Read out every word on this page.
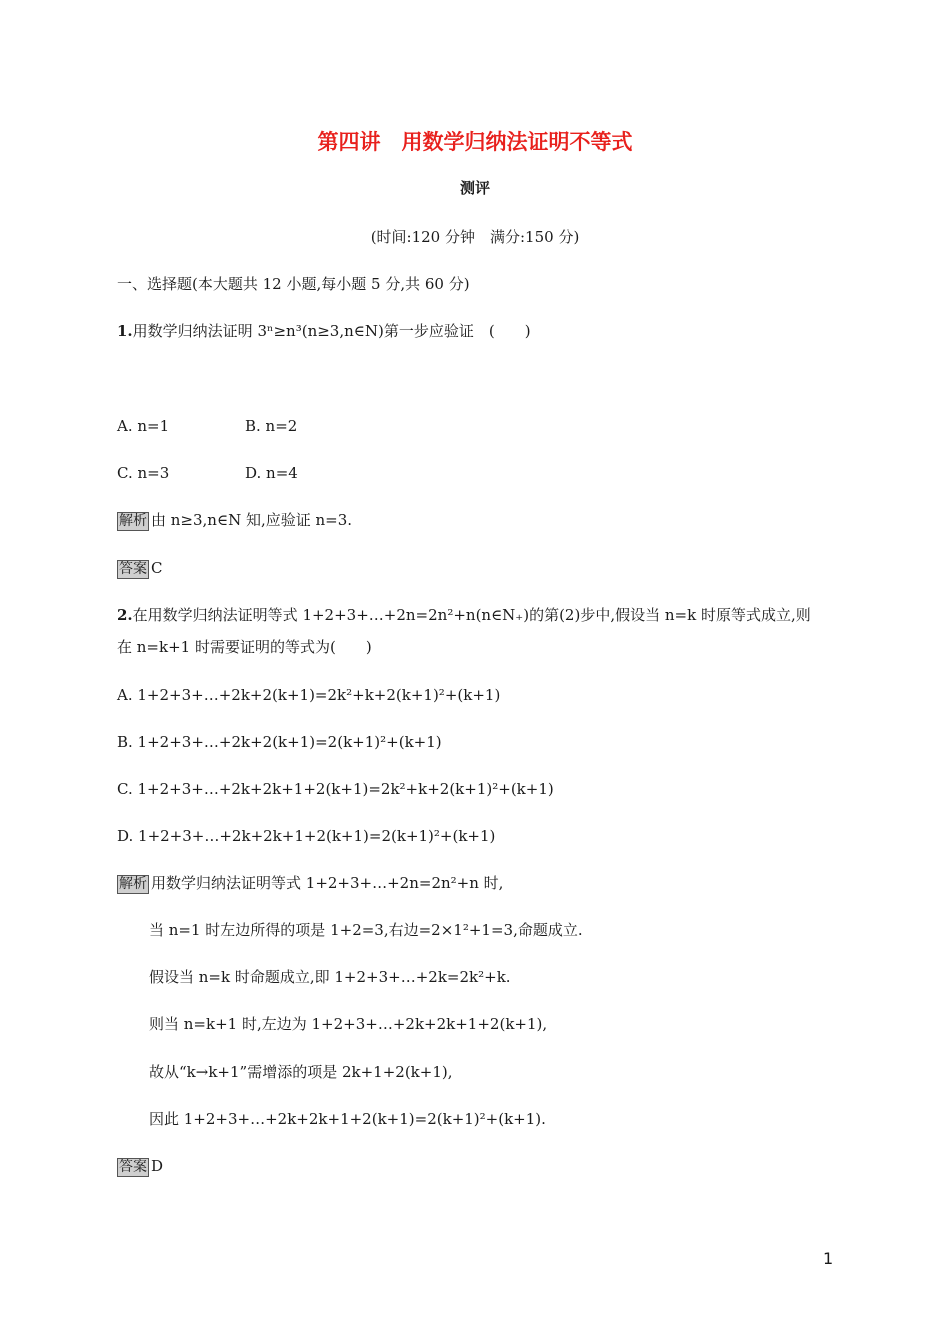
第四讲　用数学归纳法证明不等式
测评
(时间:120 分钟　满分:150 分)
一、选择题(本大题共 12 小题,每小题 5 分,共 60 分)
1.用数学归纳法证明 3ⁿ≥n³(n≥3,n∈N)第一步应验证　(　　)
A. n=1	B. n=2
C. n=3	D. n=4
解析 由 n≥3,n∈N 知,应验证 n=3.
答案 C
2.在用数学归纳法证明等式 1+2+3+…+2n=2n²+n(n∈N₊)的第(2)步中,假设当 n=k 时原等式成立,则
在 n=k+1 时需要证明的等式为(　　)
A. 1+2+3+…+2k+2(k+1)=2k²+k+2(k+1)²+(k+1)
B. 1+2+3+…+2k+2(k+1)=2(k+1)²+(k+1)
C. 1+2+3+…+2k+2k+1+2(k+1)=2k²+k+2(k+1)²+(k+1)
D. 1+2+3+…+2k+2k+1+2(k+1)=2(k+1)²+(k+1)
解析 用数学归纳法证明等式 1+2+3+…+2n=2n²+n 时,
当 n=1 时左边所得的项是 1+2=3,右边=2×1²+1=3,命题成立.
假设当 n=k 时命题成立,即 1+2+3+…+2k=2k²+k.
则当 n=k+1 时,左边为 1+2+3+…+2k+2k+1+2(k+1),
故从“k→k+1”需增添的项是 2k+1+2(k+1),
因此 1+2+3+…+2k+2k+1+2(k+1)=2(k+1)²+(k+1).
答案 D
1
